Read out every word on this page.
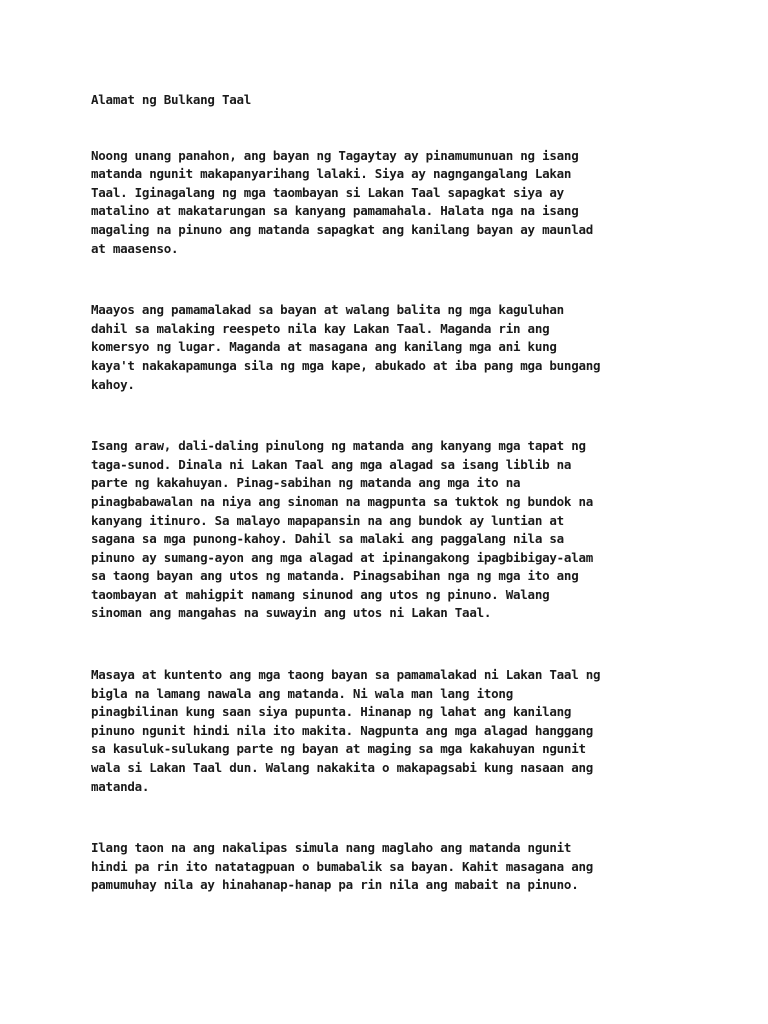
Alamat ng Bulkang Taal
Noong unang panahon, ang bayan ng Tagaytay ay pinamumunuan ng isang
matanda ngunit makapanyarihang lalaki. Siya ay nagngangalang Lakan
Taal. Iginagalang ng mga taombayan si Lakan Taal sapagkat siya ay
matalino at makatarungan sa kanyang pamamahala. Halata nga na isang
magaling na pinuno ang matanda sapagkat ang kanilang bayan ay maunlad
at maasenso.
Maayos ang pamamalakad sa bayan at walang balita ng mga kaguluhan
dahil sa malaking reespeto nila kay Lakan Taal. Maganda rin ang
komersyo ng lugar. Maganda at masagana ang kanilang mga ani kung
kaya't nakakapamunga sila ng mga kape, abukado at iba pang mga bungang
kahoy.
Isang araw, dali-daling pinulong ng matanda ang kanyang mga tapat ng
taga-sunod. Dinala ni Lakan Taal ang mga alagad sa isang liblib na
parte ng kakahuyan. Pinag-sabihan ng matanda ang mga ito na
pinagbabawalan na niya ang sinoman na magpunta sa tuktok ng bundok na
kanyang itinuro. Sa malayo mapapansin na ang bundok ay luntian at
sagana sa mga punong-kahoy. Dahil sa malaki ang paggalang nila sa
pinuno ay sumang-ayon ang mga alagad at ipinangakong ipagbibigay-alam
sa taong bayan ang utos ng matanda. Pinagsabihan nga ng mga ito ang
taombayan at mahigpit namang sinunod ang utos ng pinuno. Walang
sinoman ang mangahas na suwayin ang utos ni Lakan Taal.
Masaya at kuntento ang mga taong bayan sa pamamalakad ni Lakan Taal ng
bigla na lamang nawala ang matanda. Ni wala man lang itong
pinagbilinan kung saan siya pupunta. Hinanap ng lahat ang kanilang
pinuno ngunit hindi nila ito makita. Nagpunta ang mga alagad hanggang
sa kasuluk-sulukang parte ng bayan at maging sa mga kakahuyan ngunit
wala si Lakan Taal dun. Walang nakakita o makapagsabi kung nasaan ang
matanda.
Ilang taon na ang nakalipas simula nang maglaho ang matanda ngunit
hindi pa rin ito natatagpuan o bumabalik sa bayan. Kahit masagana ang
pamumuhay nila ay hinahanap-hanap pa rin nila ang mabait na pinuno.
